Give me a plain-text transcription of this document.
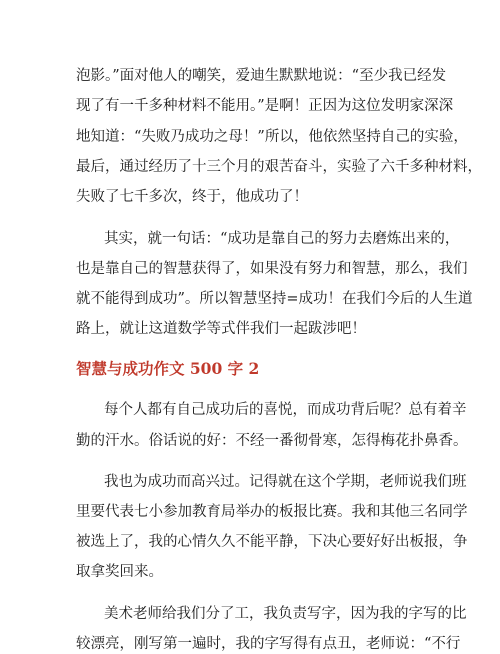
泡影。”面对他人的嘲笑，爱迪生默默地说：“至少我已经发
现了有一千多种材料不能用。”是啊！正因为这位发明家深深
地知道：“失败乃成功之母！”所以，他依然坚持自己的实验，
最后，通过经历了十三个月的艰苦奋斗，实验了六千多种材料，
失败了七千多次，终于，他成功了！
其实，就一句话：“成功是靠自己的努力去磨炼出来的，
也是靠自己的智慧获得了，如果没有努力和智慧，那么，我们
就不能得到成功”。所以智慧坚持=成功！在我们今后的人生道
路上，就让这道数学等式伴我们一起跋涉吧！
智慧与成功作文 500 字 2
每个人都有自己成功后的喜悦，而成功背后呢？总有着辛
勤的汗水。俗话说的好：不经一番彻骨寒，怎得梅花扑鼻香。
我也为成功而高兴过。记得就在这个学期，老师说我们班
里要代表七小参加教育局举办的板报比赛。我和其他三名同学
被选上了，我的心情久久不能平静，下决心要好好出板报，争
取拿奖回来。
美术老师给我们分了工，我负责写字，因为我的字写的比
较漂亮，刚写第一遍时，我的字写得有点丑，老师说：“不行
